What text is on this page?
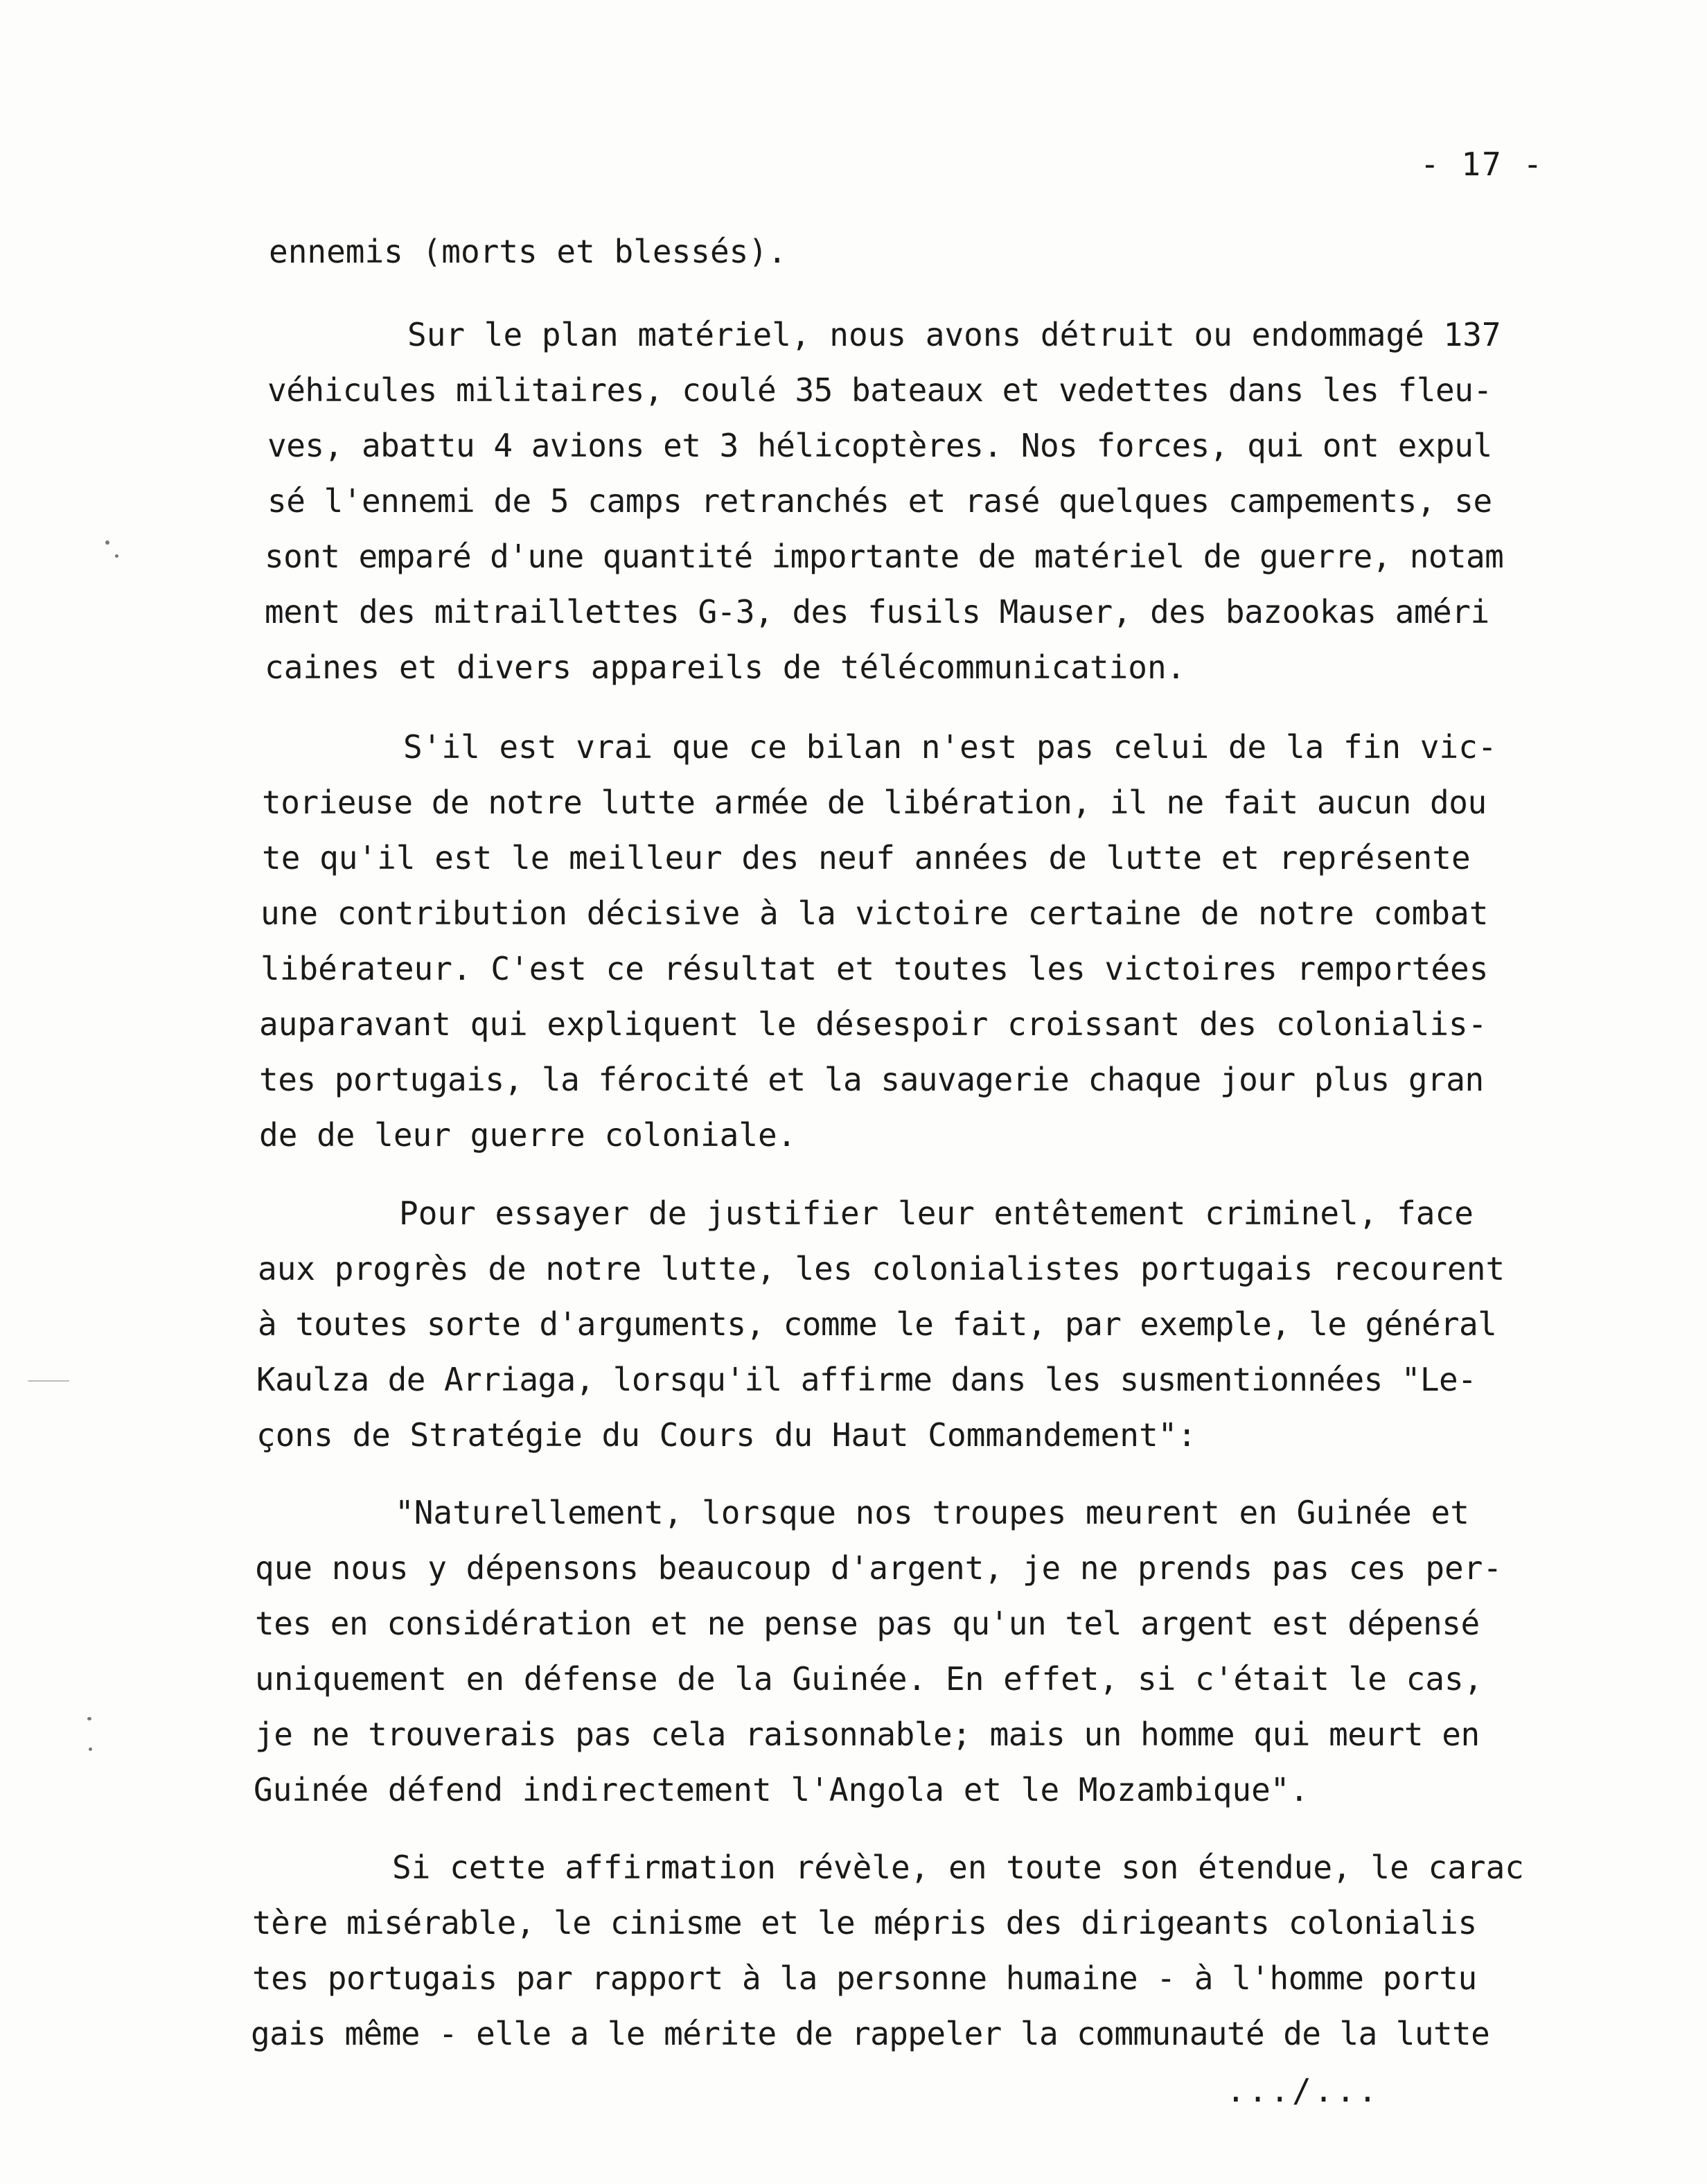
- 17 -
ennemis (morts et blessés).
Sur le plan matériel, nous avons détruit ou endommagé 137
véhicules militaires, coulé 35 bateaux et vedettes dans les fleu-
ves, abattu 4 avions et 3 hélicoptères. Nos forces, qui ont expul
sé l'ennemi de 5 camps retranchés et rasé quelques campements, se
sont emparé d'une quantité importante de matériel de guerre, notam
ment des mitraillettes G-3, des fusils Mauser, des bazookas améri
caines et divers appareils de télécommunication.
S'il est vrai que ce bilan n'est pas celui de la fin vic-
torieuse de notre lutte armée de libération, il ne fait aucun dou
te qu'il est le meilleur des neuf années de lutte et représente
une contribution décisive à la victoire certaine de notre combat
libérateur. C'est ce résultat et toutes les victoires remportées
auparavant qui expliquent le désespoir croissant des colonialis-
tes portugais, la férocité et la sauvagerie chaque jour plus gran
de de leur guerre coloniale.
Pour essayer de justifier leur entêtement criminel, face
aux progrès de notre lutte, les colonialistes portugais recourent
à toutes sorte d'arguments, comme le fait, par exemple, le général
Kaulza de Arriaga, lorsqu'il affirme dans les susmentionnées "Le-
çons de Stratégie du Cours du Haut Commandement":
"Naturellement, lorsque nos troupes meurent en Guinée et
que nous y dépensons beaucoup d'argent, je ne prends pas ces per-
tes en considération et ne pense pas qu'un tel argent est dépensé
uniquement en défense de la Guinée. En effet, si c'était le cas,
je ne trouverais pas cela raisonnable; mais un homme qui meurt en
Guinée défend indirectement l'Angola et le Mozambique".
Si cette affirmation révèle, en toute son étendue, le carac
tère misérable, le cinisme et le mépris des dirigeants colonialis
tes portugais par rapport à la personne humaine - à l'homme portu
gais même - elle a le mérite de rappeler la communauté de la lutte
.../...
